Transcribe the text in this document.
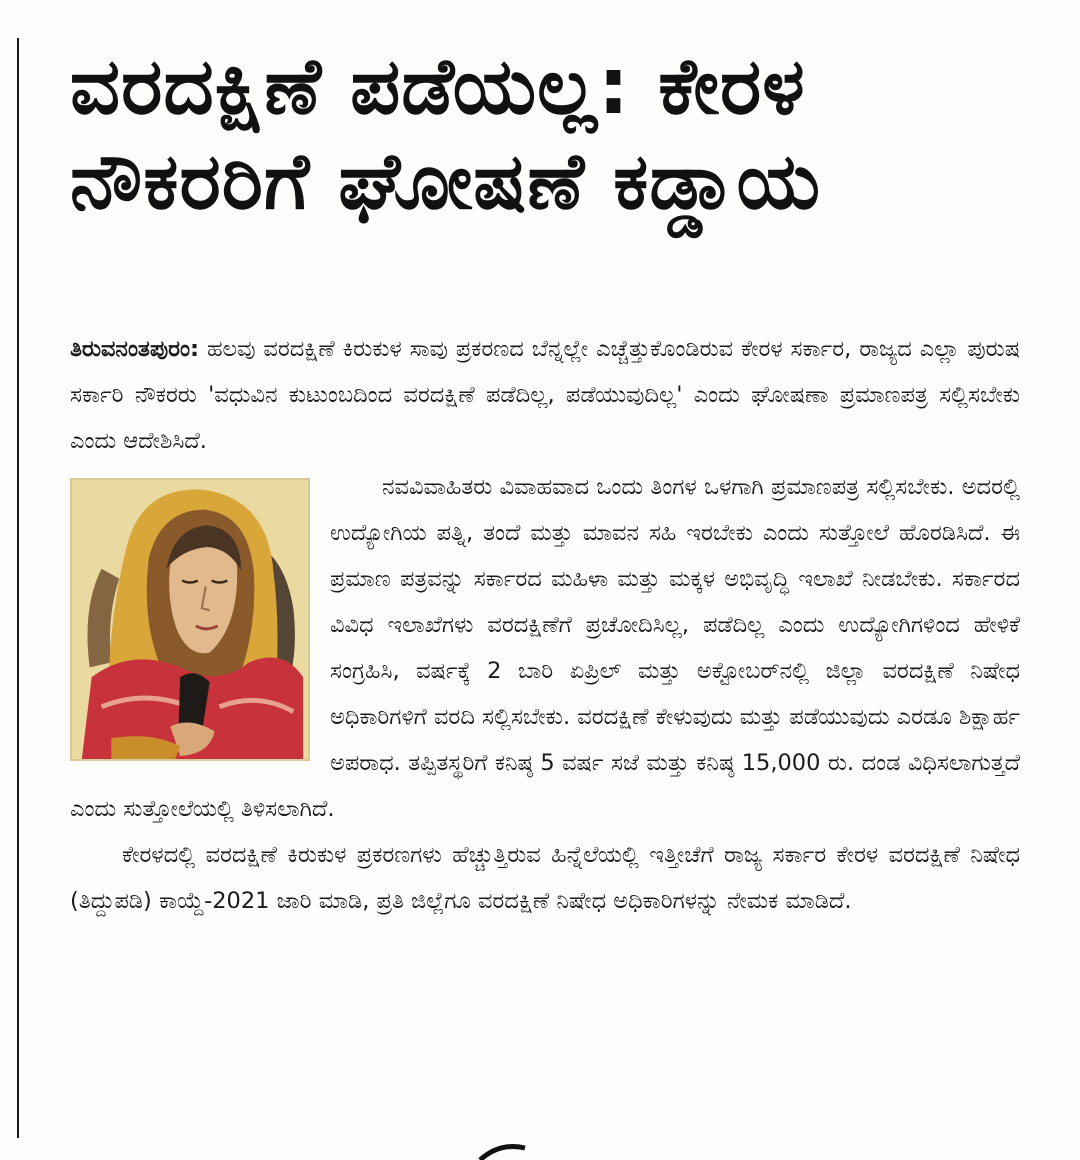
ವರದಕ್ಷಿಣೆ ಪಡೆಯಲ್ಲ: ಕೇರಳ
ನೌಕರರಿಗೆ ಘೋಷಣೆ ಕಡ್ಡಾಯ

ತಿರುವನಂತಪುರಂ: ಹಲವು ವರದಕ್ಷಿಣೆ ಕಿರುಕುಳ ಸಾವು ಪ್ರಕರಣದ ಬೆನ್ನಲ್ಲೇ ಎಚ್ಚೆತ್ತುಕೊಂಡಿರುವ ಕೇರಳ ಸರ್ಕಾರ, ರಾಜ್ಯದ ಎಲ್ಲಾ ಪುರುಷ ಸರ್ಕಾರಿ ನೌಕರರು 'ವಧುವಿನ ಕುಟುಂಬದಿಂದ ವರದಕ್ಷಿಣೆ ಪಡೆದಿಲ್ಲ, ಪಡೆಯುವುದಿಲ್ಲ' ಎಂದು ಘೋಷಣಾ ಪ್ರಮಾಣಪತ್ರ ಸಲ್ಲಿಸಬೇಕು ಎಂದು ಆದೇಶಿಸಿದೆ.

ನವವಿವಾಹಿತರು ವಿವಾಹವಾದ ಒಂದು ತಿಂಗಳ ಒಳಗಾಗಿ ಪ್ರಮಾಣಪತ್ರ ಸಲ್ಲಿಸಬೇಕು. ಅದರಲ್ಲಿ ಉದ್ಯೋಗಿಯ ಪತ್ನಿ, ತಂದೆ ಮತ್ತು ಮಾವನ ಸಹಿ ಇರಬೇಕು ಎಂದು ಸುತ್ತೋಲೆ ಹೊರಡಿಸಿದೆ. ಈ ಪ್ರಮಾಣ ಪತ್ರವನ್ನು ಸರ್ಕಾರದ ಮಹಿಳಾ ಮತ್ತು ಮಕ್ಕಳ ಅಭಿವೃದ್ಧಿ ಇಲಾಖೆ ನೀಡಬೇಕು. ಸರ್ಕಾರದ ವಿವಿಧ ಇಲಾಖೆಗಳು ವರದಕ್ಷಿಣೆಗೆ ಪ್ರಚೋದಿಸಿಲ್ಲ, ಪಡೆದಿಲ್ಲ ಎಂದು ಉದ್ಯೋಗಿಗಳಿಂದ ಹೇಳಿಕೆ ಸಂಗ್ರಹಿಸಿ, ವರ್ಷಕ್ಕೆ 2 ಬಾರಿ ಏಪ್ರಿಲ್ ಮತ್ತು ಅಕ್ಟೋಬರ್‌ನಲ್ಲಿ ಜಿಲ್ಲಾ ವರದಕ್ಷಿಣೆ ನಿಷೇಧ ಅಧಿಕಾರಿಗಳಿಗೆ ವರದಿ ಸಲ್ಲಿಸಬೇಕು. ವರದಕ್ಷಿಣೆ ಕೇಳುವುದು ಮತ್ತು ಪಡೆಯುವುದು ಎರಡೂ ಶಿಕ್ಷಾರ್ಹ ಅಪರಾಧ. ತಪ್ಪಿತಸ್ಥರಿಗೆ ಕನಿಷ್ಠ 5 ವರ್ಷ ಸಜೆ ಮತ್ತು ಕನಿಷ್ಠ 15,000 ರು. ದಂಡ ವಿಧಿಸಲಾಗುತ್ತದೆ ಎಂದು ಸುತ್ತೋಲೆಯಲ್ಲಿ ತಿಳಿಸಲಾಗಿದೆ.

ಕೇರಳದಲ್ಲಿ ವರದಕ್ಷಿಣೆ ಕಿರುಕುಳ ಪ್ರಕರಣಗಳು ಹೆಚ್ಚುತ್ತಿರುವ ಹಿನ್ನೆಲೆಯಲ್ಲಿ ಇತ್ತೀಚೆಗೆ ರಾಜ್ಯ ಸರ್ಕಾರ ಕೇರಳ ವರದಕ್ಷಿಣೆ ನಿಷೇಧ (ತಿದ್ದುಪಡಿ) ಕಾಯ್ದೆ-2021 ಜಾರಿ ಮಾಡಿ, ಪ್ರತಿ ಜಿಲ್ಲೆಗೂ ವರದಕ್ಷಿಣೆ ನಿಷೇಧ ಅಧಿಕಾರಿಗಳನ್ನು ನೇಮಕ ಮಾಡಿದೆ.
